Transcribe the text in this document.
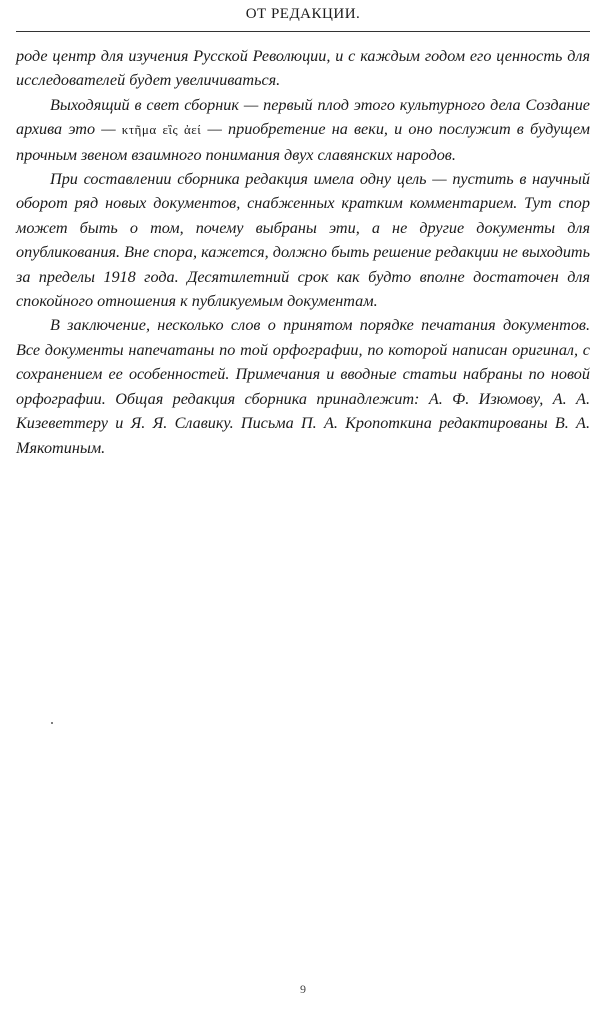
ОТ РЕДАКЦИИ.

роде центр для изучения Русской Революции, и с каждым годом его ценность для исследователей будет увеличиваться.

Выходящий в свет сборник — первый плод этого культурного дела Создание архива это — κτῆμα εἲς ἀεί — приобретение на веки, и оно послужит в будущем прочным звеном взаимного понимания двух славянских народов.

При составлении сборника редакция имела одну цель — пустить в научный оборот ряд новых документов, снабженных кратким комментарием. Тут спор может быть о том, почему выбраны эти, а не другие документы для опубликования. Вне спора, кажется, должно быть решение редакции не выходить за пределы 1918 года. Десятилетний срок как будто вполне достаточен для спокойного отношения к публикуемым документам.

В заключение, несколько слов о принятом порядке печатания документов. Все документы напечатаны по той орфографии, по которой написан оригинал, с сохранением ее особенностей. Примечания и вводные статьи набраны по новой орфографии. Общая редакция сборника принадлежит: А. Ф. Изюмову, А. А. Кизеветтеру и Я. Я. Славику. Письма П. А. Кропоткина редактированы В. А. Мякотиным.

9
